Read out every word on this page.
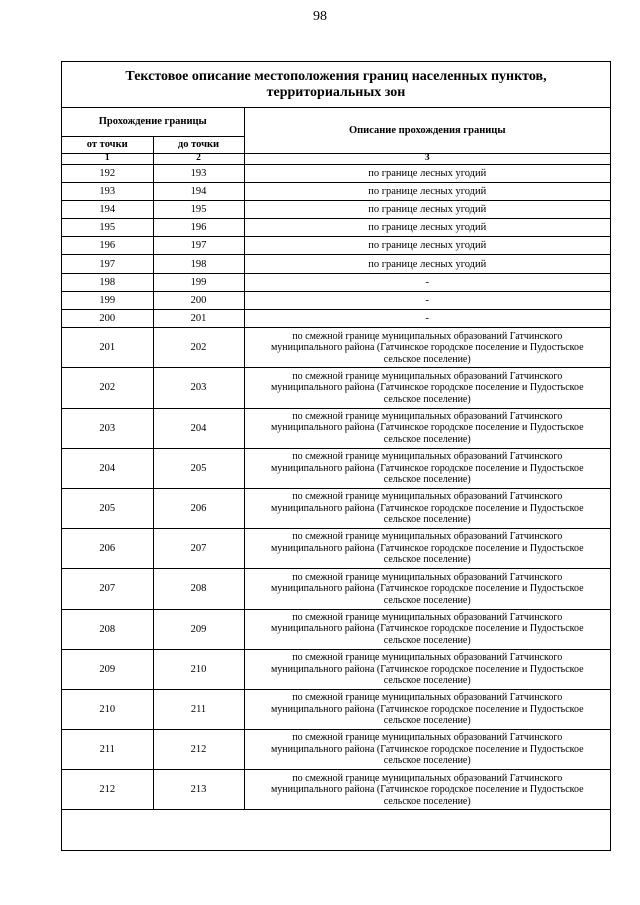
98
Текстовое описание местоположения границ населенных пунктов,
территориальных зон
Прохождение границы		Описание прохождения границы
от точки	до точки	
1	2	3
192	193	по границе лесных угодий

193	194	по границе лесных угодий

194	195	по границе лесных угодий

195	196	по границе лесных угодий

196	197	по границе лесных угодий

197	198	по границе лесных угодий

198	199	-

199	200	-

200	201	-

201	202	по смежной границе муниципальных образований Гатчинского
муниципального района (Гатчинское городское поселение и Пудостьское
сельское поселение)

202	203	по смежной границе муниципальных образований Гатчинского
муниципального района (Гатчинское городское поселение и Пудостьское
сельское поселение)

203	204	по смежной границе муниципальных образований Гатчинского
муниципального района (Гатчинское городское поселение и Пудостьское
сельское поселение)

204	205	по смежной границе муниципальных образований Гатчинского
муниципального района (Гатчинское городское поселение и Пудостьское
сельское поселение)

205	206	по смежной границе муниципальных образований Гатчинского
муниципального района (Гатчинское городское поселение и Пудостьское
сельское поселение)

206	207	по смежной границе муниципальных образований Гатчинского
муниципального района (Гатчинское городское поселение и Пудостьское
сельское поселение)

207	208	по смежной границе муниципальных образований Гатчинского
муниципального района (Гатчинское городское поселение и Пудостьское
сельское поселение)

208	209	по смежной границе муниципальных образований Гатчинского
муниципального района (Гатчинское городское поселение и Пудостьское
сельское поселение)

209	210	по смежной границе муниципальных образований Гатчинского
муниципального района (Гатчинское городское поселение и Пудостьское
сельское поселение)

210	211	по смежной границе муниципальных образований Гатчинского
муниципального района (Гатчинское городское поселение и Пудостьское
сельское поселение)

211	212	по смежной границе муниципальных образований Гатчинского
муниципального района (Гатчинское городское поселение и Пудостьское
сельское поселение)

212	213	по смежной границе муниципальных образований Гатчинского
муниципального района (Гатчинское городское поселение и Пудостьское
сельское поселение)
